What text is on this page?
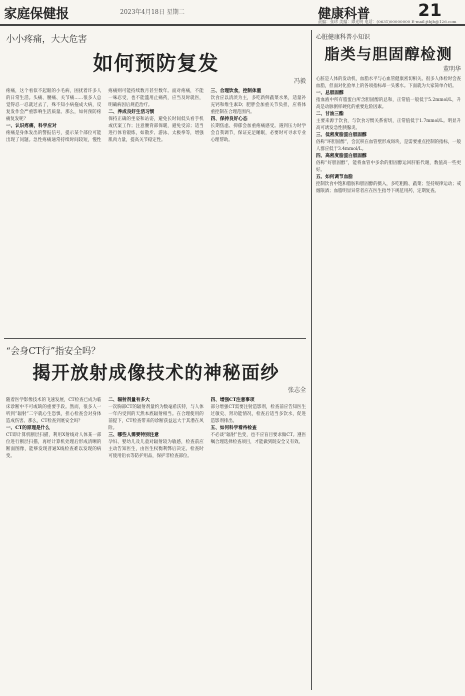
家庭保健报	2023年4月18日 星期二	健康科普	21
责编：张珍 美编：谭光明 电话：(0631)00000000 E-mail:jtbjb@126.com
小小疼痛，大大危害
如何预防复发
冯毅
疼痛，这个看似不起眼的小毛病，困扰着许多人的日常生活。头痛、腰痛、关节痛……很多人总觉得忍一忍就过去了，殊不知小病拖成大病，反复发作会严重影响生活质量。那么，如何预防疼痛复发呢？
一、认识疼痛，科学应对
疼痛是身体发出的警报信号，提示某个部位可能出现了问题。急性疼痛通常持续时间较短，慢性疼痛则可能持续数月甚至数年。面对疼痛，不能一味忍受，也不能滥用止痛药，应当及时就医，明确病因后规范治疗。
二、养成良好生活习惯
保持正确的坐姿和站姿，避免长时间低头看手机或伏案工作；注意腰背部保暖，避免受凉；适当进行体育锻炼，如散步、游泳、太极拳等，增强肌肉力量，提高关节稳定性。
三、合理饮食，控制体重
饮食应以清淡为主，多吃新鲜蔬菜水果，适量补充钙和维生素D；肥胖会加重关节负担，应将体重控制在合理范围内。
四、保持良好心态
长期焦虑、抑郁会加重疼痛感受。遇到压力时学会自我调节，保证充足睡眠，必要时可寻求专业心理帮助。
“会身CT行”指安全吗？
揭开放射成像技术的神秘面纱
张志全
随着医学影像技术的飞速发展，CT检查已成为临床诊断中不可或缺的重要手段。然而，很多人一听到“辐射”二字就心生恐惧，担心检查会对身体造成伤害。那么，CT检查到底安全吗？
一、CT的原理是什么
CT即计算机断层扫描，利用X射线对人体某一部位进行断层扫描，再经计算机处理后形成清晰的断面图像，能够发现普通X线检查难以发现的病变。
二、辐射剂量有多大
一次胸部CT的辐射剂量约为数毫希沃特，与人体一年内受到的天然本底辐射相当。在合理使用的前提下，CT检查带来的诊断获益远大于其潜在风险。
三、哪些人需要特别注意
孕妇、婴幼儿及儿童对辐射较为敏感，检查前应主动告知医生，由医生权衡利弊后决定。检查时可使用铅衣等防护用品，保护非检查部位。
四、增强CT注意事项
部分增强CT需要注射造影剂，检查前应告知医生过敏史、肾功能情况，检查后适当多饮水，促进造影剂排出。
五、如何科学看待检查
不必谈“辐射”色变，也不应盲目要求做CT。遵医嘱合理选择检查项目，才能做到既安全又有效。
心脏健康科普小知识
脂类与胆固醇检测
董明华
心脏是人体的发动机，血脂水平与心血管健康密切相关。很多人体检时会查血脂，但面对化验单上的各项指标却一头雾水。下面就为大家简单介绍。
一、总胆固醇
指血液中所有脂蛋白所含胆固醇的总和，正常值一般低于5.2mmol/L，升高是动脉粥样硬化的重要危险因素。
二、甘油三酯
主要来源于饮食，与饮食习惯关系密切，正常值低于1.7mmol/L。明显升高可诱发急性胰腺炎。
三、低密度脂蛋白胆固醇
俗称“坏胆固醇”，会沉积在血管壁形成斑块，是需要重点控制的指标，一般人群应低于3.4mmol/L。
四、高密度脂蛋白胆固醇
俗称“好胆固醇”，能将血管中多余的胆固醇运回肝脏代谢，数值高一些更好。
五、如何调节血脂
控制饮食中饱和脂肪和胆固醇的摄入，多吃粗粮、蔬菜；坚持规律运动；戒烟限酒；血脂明显异常者应在医生指导下规范用药，定期复查。
